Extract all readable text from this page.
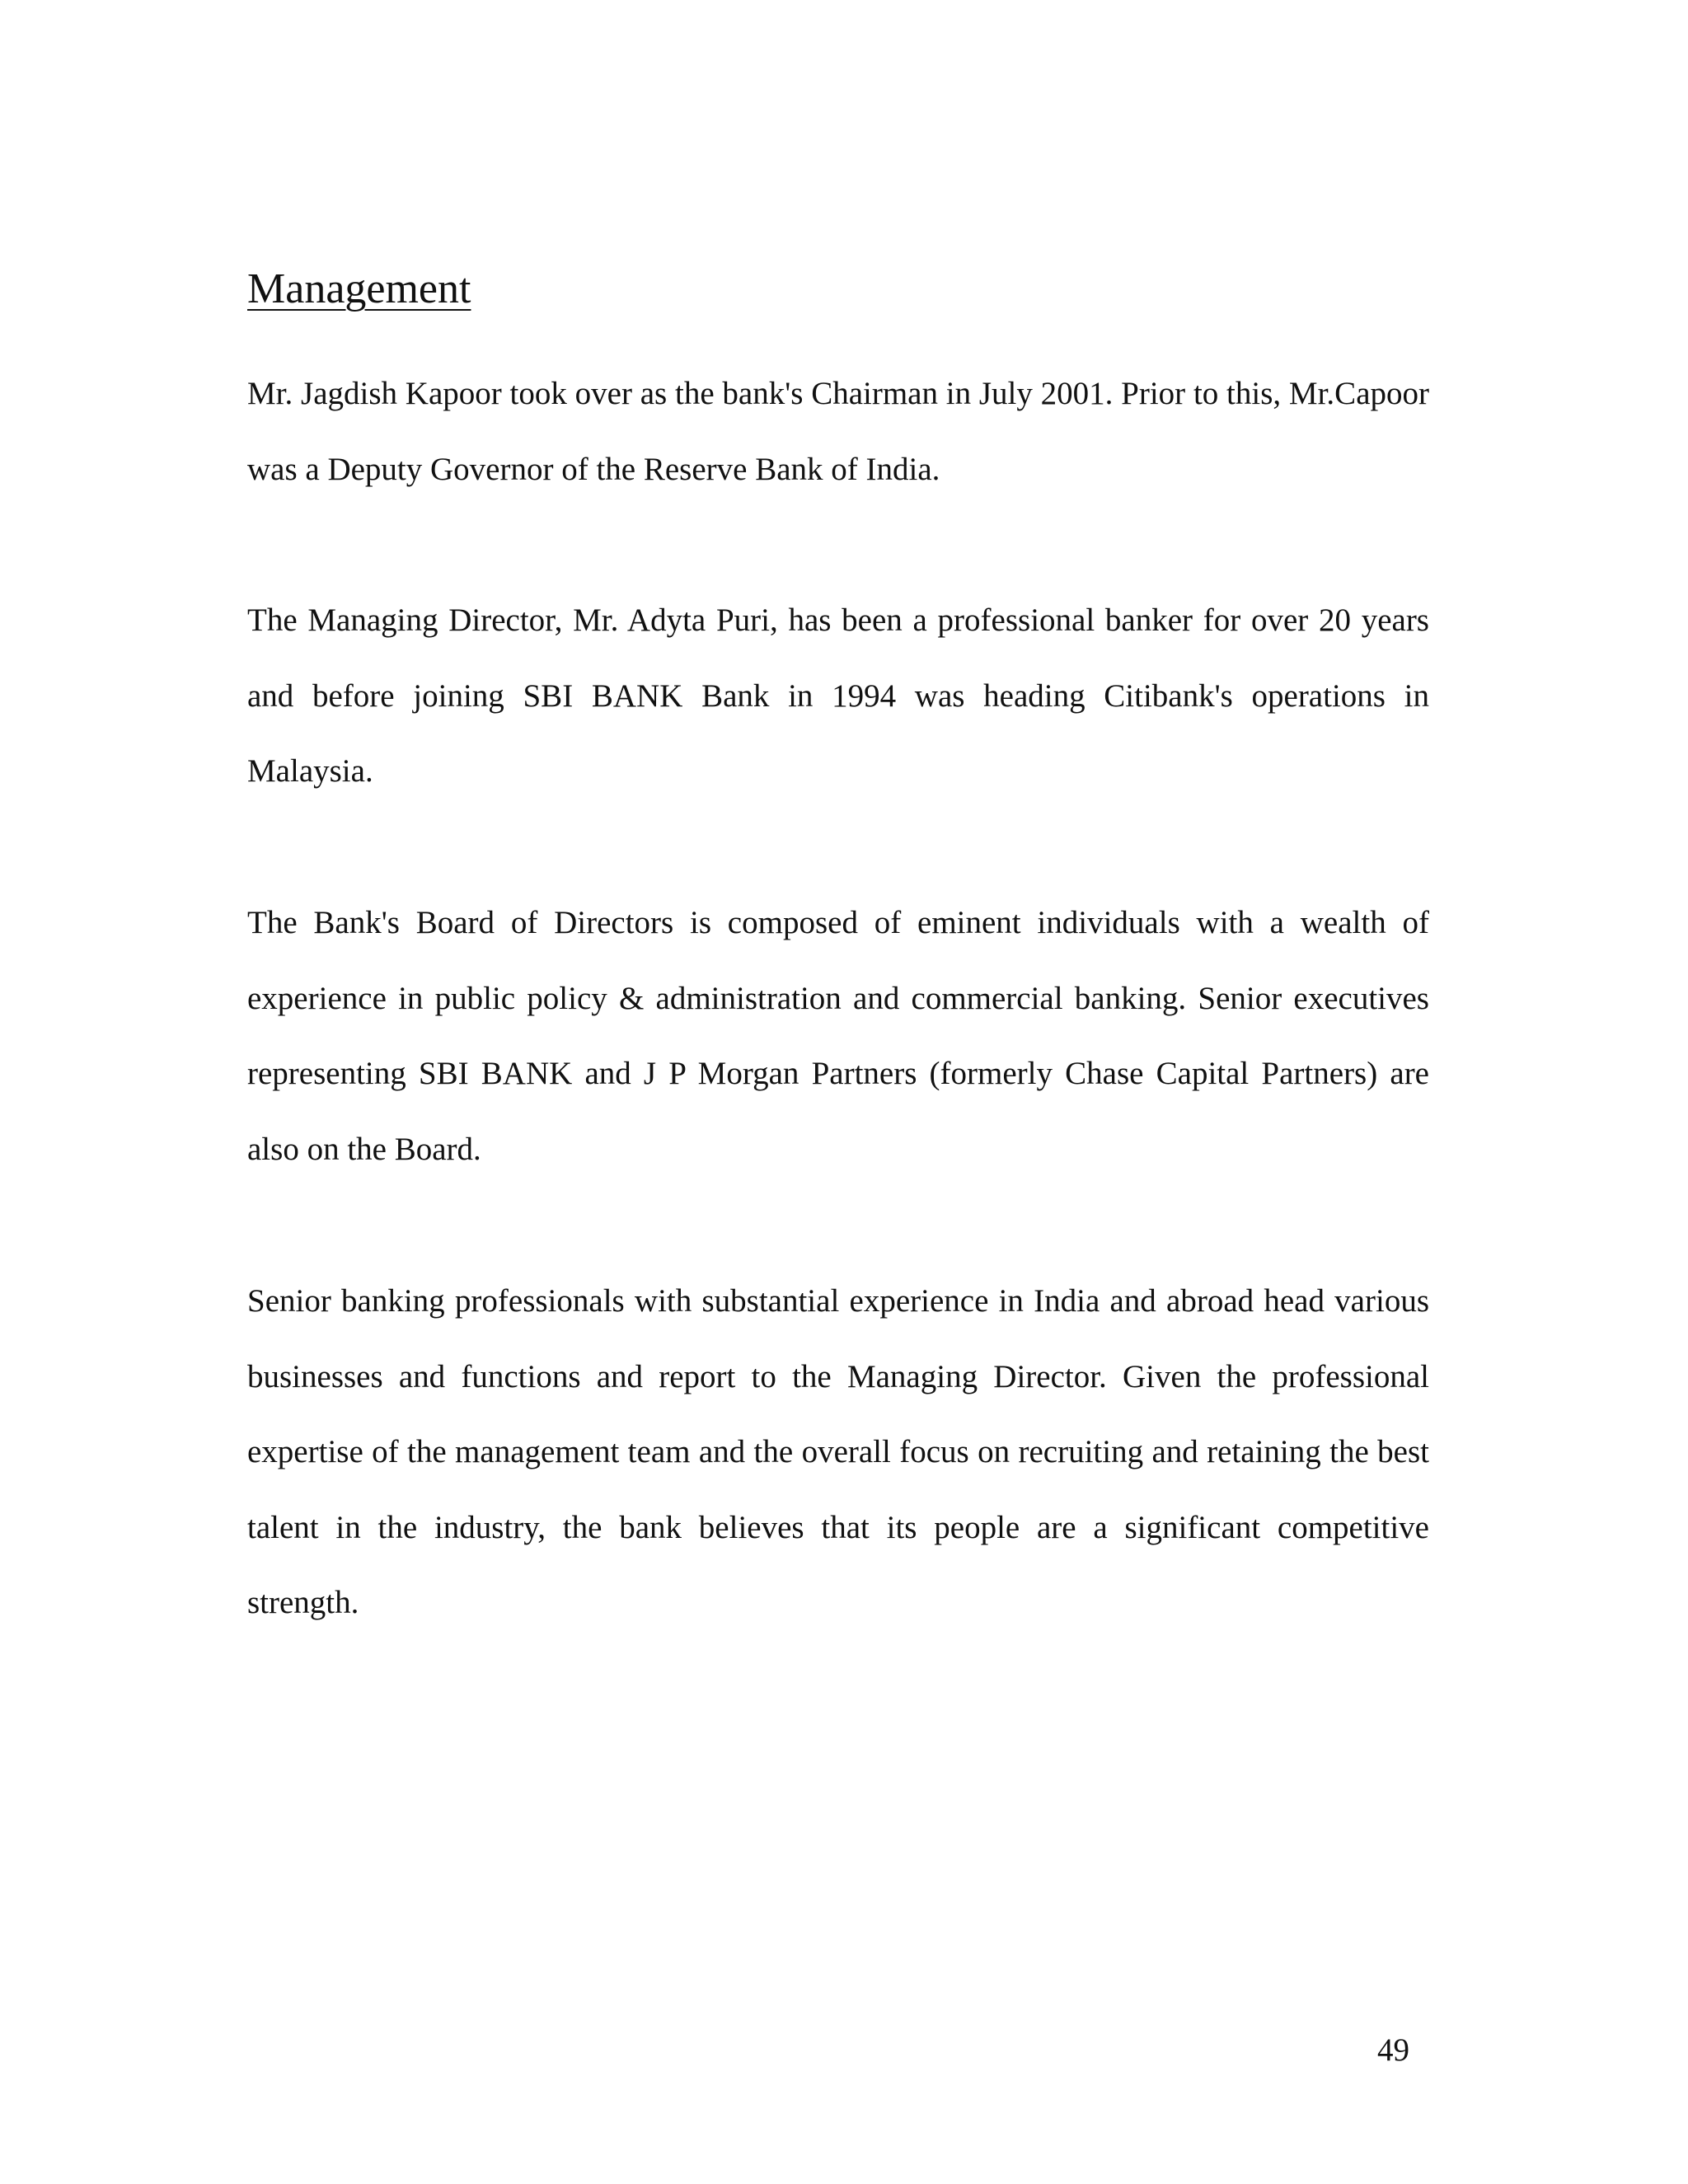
Management

Mr. Jagdish Kapoor took over as the bank's Chairman in July 2001. Prior to this, Mr.Capoor was a Deputy Governor of the Reserve Bank of India.

The Managing Director, Mr. Adyta Puri, has been a professional banker for over 20 years and before joining SBI BANK Bank in 1994 was heading Citibank's operations in Malaysia.

The Bank's Board of Directors is composed of eminent individuals with a wealth of experience in public policy & administration and commercial banking. Senior executives representing SBI BANK and J P Morgan Partners (formerly Chase Capital Partners) are also on the Board.

Senior banking professionals with substantial experience in India and abroad head various businesses and functions and report to the Managing Director. Given the professional expertise of the management team and the overall focus on recruiting and retaining the best talent in the industry, the bank believes that its people are a significant competitive strength.

49
